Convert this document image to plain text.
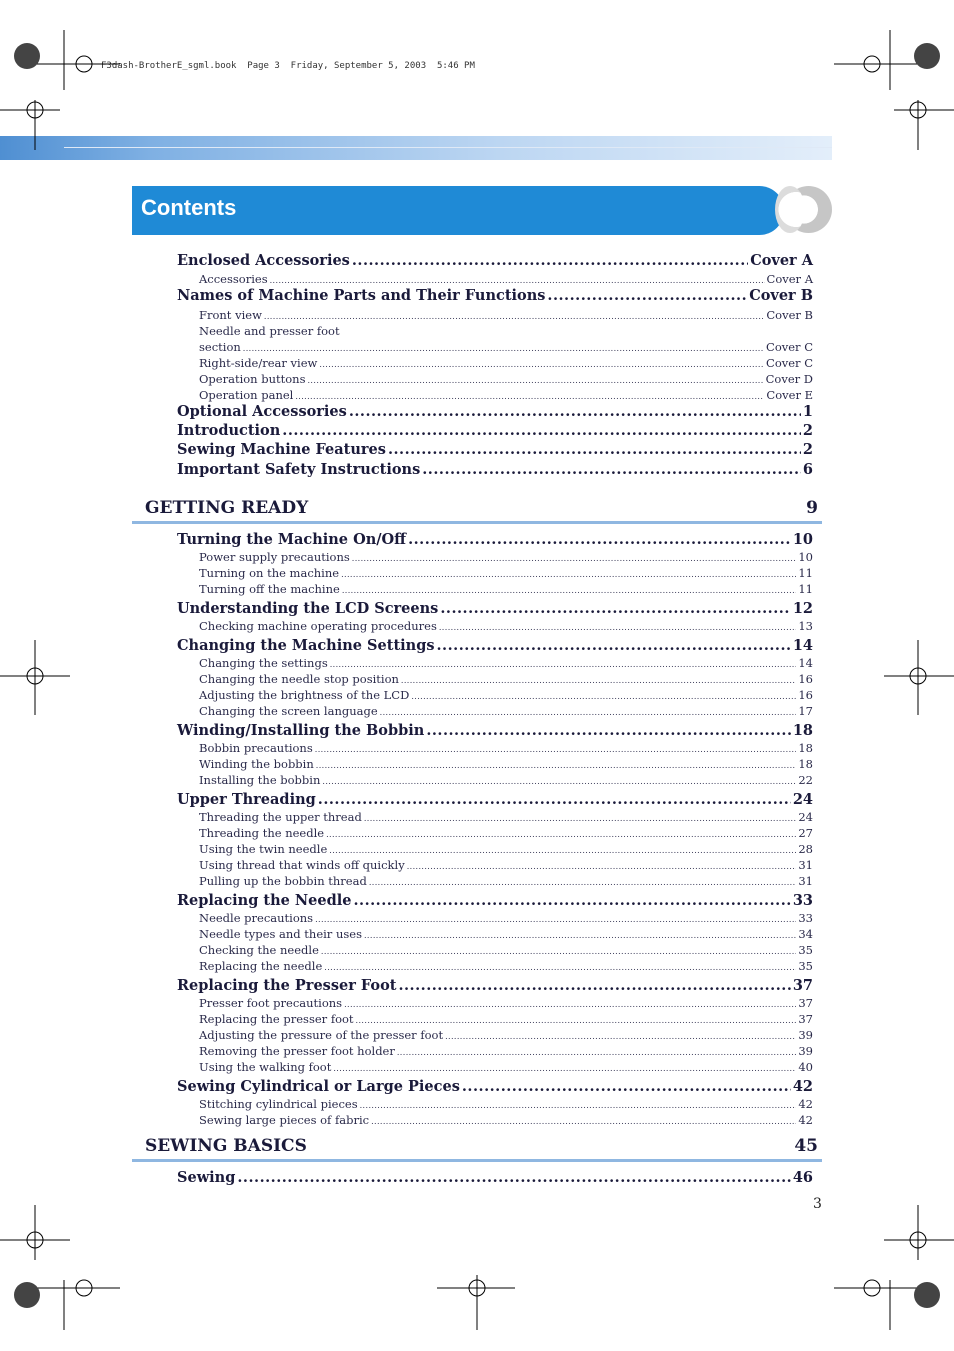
F3dash-BrotherE_sgml.book  Page 3  Friday, September 5, 2003  5:46 PM
Contents
Enclosed Accessories .....	Cover A
Accessories .....	Cover A
Names of Machine Parts and Their Functions .....	Cover B
Front view .....	Cover B
Needle and presser foot
section .....	Cover C
Right-side/rear view .....	Cover C
Operation buttons .....	Cover D
Operation panel .....	Cover E
Optional Accessories .....	1
Introduction .....	2
Sewing Machine Features .....	2
Important Safety Instructions .....	6
GETTING READY	9
Turning the Machine On/Off .....	10
Power supply precautions .....	10
Turning on the machine .....	11
Turning off the machine .....	11
Understanding the LCD Screens .....	12
Checking machine operating procedures .....	13
Changing the Machine Settings .....	14
Changing the settings .....	14
Changing the needle stop position .....	16
Adjusting the brightness of the LCD .....	16
Changing the screen language .....	17
Winding/Installing the Bobbin .....	18
Bobbin precautions .....	18
Winding the bobbin .....	18
Installing the bobbin .....	22
Upper Threading .....	24
Threading the upper thread .....	24
Threading the needle .....	27
Using the twin needle .....	28
Using thread that winds off quickly .....	31
Pulling up the bobbin thread .....	31
Replacing the Needle .....	33
Needle precautions .....	33
Needle types and their uses .....	34
Checking the needle .....	35
Replacing the needle .....	35
Replacing the Presser Foot .....	37
Presser foot precautions .....	37
Replacing the presser foot .....	37
Adjusting the pressure of the presser foot .....	39
Removing the presser foot holder .....	39
Using the walking foot .....	40
Sewing Cylindrical or Large Pieces .....	42
Stitching cylindrical pieces .....	42
Sewing large pieces of fabric .....	42
SEWING BASICS	45
Sewing .....	46
3
